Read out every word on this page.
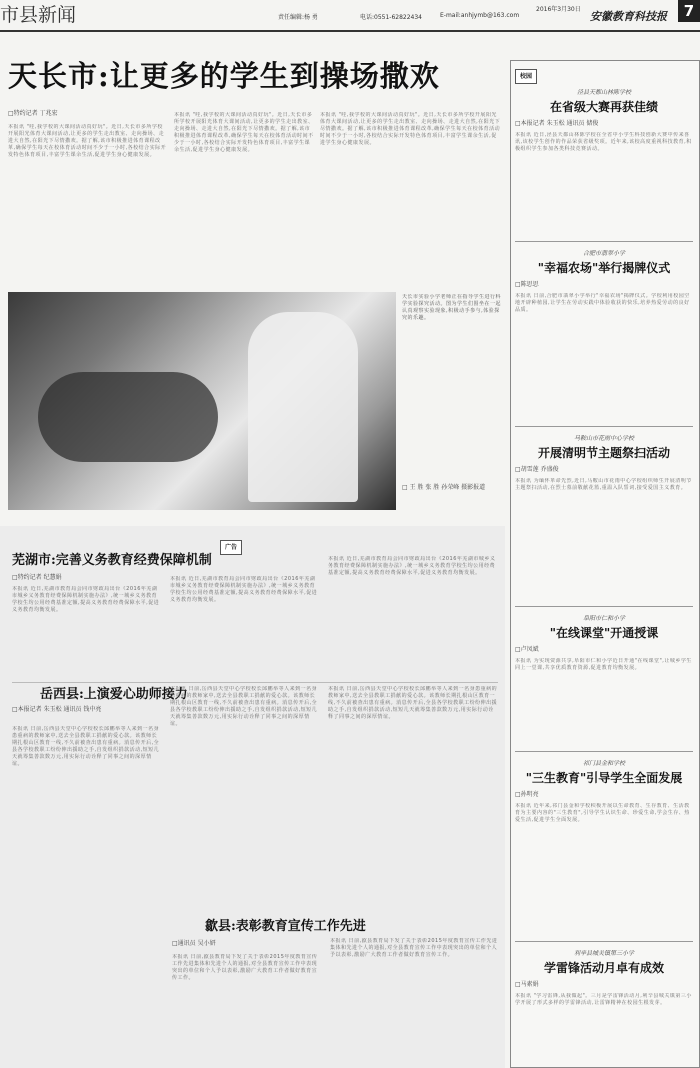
市县新闻	责任编辑:杨 勇	电话:0551-62822434	E-mail:anhjymb@163.com
2016年3月30日
安徽教育科技报	7
天长市:让更多的学生到操场撒欢
□特约记者 丁兆宏
本报讯 "哇,我学校的大课间活动真好玩"。近日,天长市多所学校开展阳光体育大课间活动,让更多的学生走出教室、走向操场、走进大自然,在阳光下尽情撒欢。据了解,该市积极推进体育课程改革,确保学生每天在校体育活动时间不少于一小时,各校结合实际开发特色体育项目,丰富学生课余生活,促进学生身心健康发展。
本报讯 "哇,我学校的大课间活动真好玩"。近日,天长市多所学校开展阳光体育大课间活动,让更多的学生走出教室、走向操场、走进大自然,在阳光下尽情撒欢。据了解,该市积极推进体育课程改革,确保学生每天在校体育活动时间不少于一小时,各校结合实际开发特色体育项目,丰富学生课余生活,促进学生身心健康发展。
本报讯 "哇,我学校的大课间活动真好玩"。近日,天长市多所学校开展阳光体育大课间活动,让更多的学生走出教室、走向操场、走进大自然,在阳光下尽情撒欢。据了解,该市积极推进体育课程改革,确保学生每天在校体育活动时间不少于一小时,各校结合实际开发特色体育项目,丰富学生课余生活,促进学生身心健康发展。
天长市实验小学老师正在指导学生进行科学实验探究活动。图为学生们围坐在一起认真观察实验现象,积极动手参与,体验探究的乐趣。
□ 王 胜 张 胜 孙荣峰 摄影报道
广告
芜湖市:完善义务教育经费保障机制
□特约记者 纪慧娟
本报讯 近日,芜湖市教育局会同市财政局出台《2016年芜湖市城乡义务教育经费保障机制实施办法》,统一城乡义务教育学校生均公用经费基准定额,提高义务教育经费保障水平,促进义务教育均衡发展。
本报讯 近日,芜湖市教育局会同市财政局出台《2016年芜湖市城乡义务教育经费保障机制实施办法》,统一城乡义务教育学校生均公用经费基准定额,提高义务教育经费保障水平,促进义务教育均衡发展。
本报讯 近日,芜湖市教育局会同市财政局出台《2016年芜湖市城乡义务教育经费保障机制实施办法》,统一城乡义务教育学校生均公用经费基准定额,提高义务教育经费保障水平,促进义务教育均衡发展。
岳西县:上演爱心助师接力
□本报记者 朱玉松 通讯员 钱中亮
本报讯 日前,岳西县天堂中心学校校长邱鹏举等人来到一名身患重病的教师家中,送去全县教职工捐献的爱心款。该教师长期扎根山区教育一线,不久前被查出患有重病。消息传开后,全县各学校教职工纷纷伸出援助之手,自发组织捐款活动,短短几天就筹集善款数万元,用实际行动诠释了同事之间的深厚情谊。
本报讯 日前,岳西县天堂中心学校校长邱鹏举等人来到一名身患重病的教师家中,送去全县教职工捐献的爱心款。该教师长期扎根山区教育一线,不久前被查出患有重病。消息传开后,全县各学校教职工纷纷伸出援助之手,自发组织捐款活动,短短几天就筹集善款数万元,用实际行动诠释了同事之间的深厚情谊。
本报讯 日前,岳西县天堂中心学校校长邱鹏举等人来到一名身患重病的教师家中,送去全县教职工捐献的爱心款。该教师长期扎根山区教育一线,不久前被查出患有重病。消息传开后,全县各学校教职工纷纷伸出援助之手,自发组织捐款活动,短短几天就筹集善款数万元,用实际行动诠释了同事之间的深厚情谊。
歙县:表彰教育宣传工作先进
□通讯员 吴小妍
本报讯 日前,歙县教育局下发了关于表彰2015年度教育宣传工作先进集体和先进个人的通报,对全县教育宣传工作中表现突出的单位和个人予以表彰,激励广大教育工作者做好教育宣传工作。
本报讯 日前,歙县教育局下发了关于表彰2015年度教育宣传工作先进集体和先进个人的通报,对全县教育宣传工作中表现突出的单位和个人予以表彰,激励广大教育工作者做好教育宣传工作。
校园
泾县天都山林陈学校
在省级大赛再获佳绩
□本报记者 朱玉松 通讯员 储俊
本报讯 近日,泾县天都山林陈学校在全省中小学生科技创新大赛中传来喜讯,该校学生创作的作品荣获省级奖项。近年来,该校高度重视科技教育,积极组织学生参加各类科技竞赛活动。
合肥市翡翠小学
"幸福农场"举行揭牌仪式
□陈思思
本报讯 日前,合肥市翡翠小学举行"幸福农场"揭牌仪式。学校利用校园空地开辟种植园,让学生在劳动实践中体验收获的快乐,培养热爱劳动的良好品质。
马鞍山市花雨中心学校
开展清明节主题祭扫活动
□胡雪莲 乔盛俊
本报讯 为缅怀革命先烈,近日,马鞍山市花雨中心学校组织师生开展清明节主题祭扫活动,在烈士墓前敬献花篮,重温入队誓词,接受爱国主义教育。
阜阳市仁和小学
"在线课堂"开通授课
□卢凤斌
本报讯 为实现资源共享,阜阳市仁和小学近日开通"在线课堂",让城乡学生同上一堂课,共享优质教育资源,促进教育均衡发展。
祁门县金和学校
"三生教育"引导学生全面发展
□孙明亮
本报讯 近年来,祁门县金和学校积极开展以生命教育、生存教育、生活教育为主要内容的"三生教育",引导学生认识生命、珍爱生命,学会生存、热爱生活,促进学生全面发展。
利辛县城关镇第三小学
学雷锋活动月卓有成效
□马素娟
本报讯 "学习雷锋,从我做起"。三月是学雷锋活动月,利辛县城关镇第三小学开展了形式多样的学雷锋活动,让雷锋精神在校园生根发芽。
